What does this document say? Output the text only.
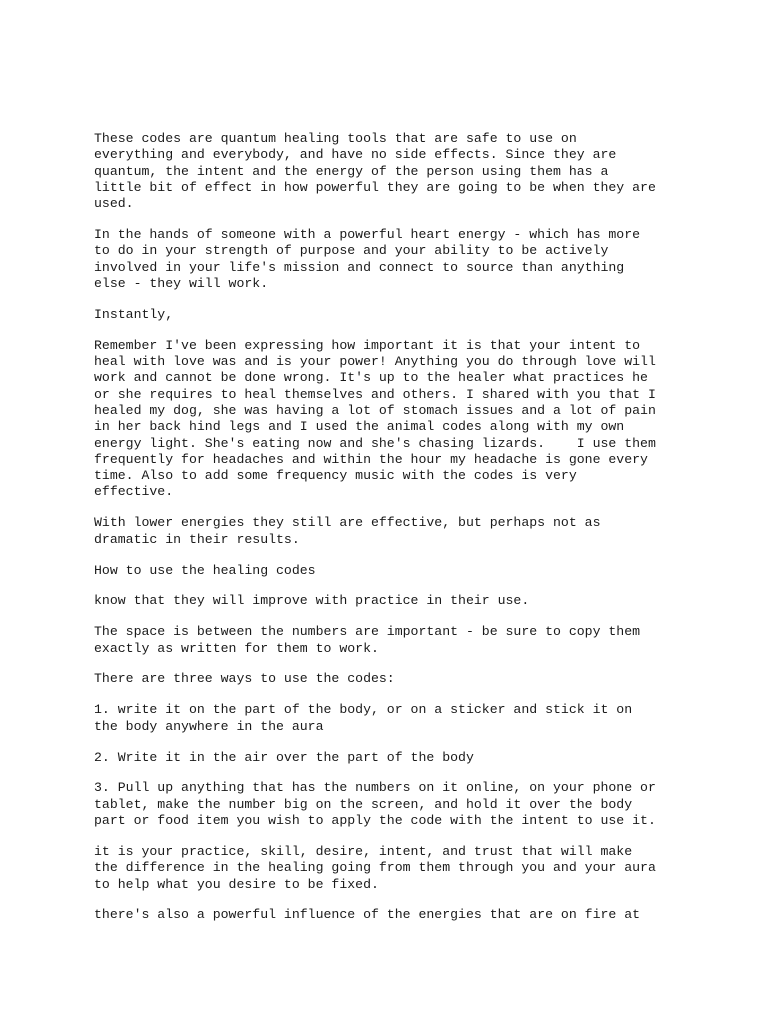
These codes are quantum healing tools that are safe to use on
everything and everybody, and have no side effects. Since they are
quantum, the intent and the energy of the person using them has a
little bit of effect in how powerful they are going to be when they are
used.

In the hands of someone with a powerful heart energy - which has more
to do in your strength of purpose and your ability to be actively
involved in your life's mission and connect to source than anything
else - they will work.

Instantly,

Remember I've been expressing how important it is that your intent to
heal with love was and is your power! Anything you do through love will
work and cannot be done wrong. It's up to the healer what practices he
or she requires to heal themselves and others. I shared with you that I
healed my dog, she was having a lot of stomach issues and a lot of pain
in her back hind legs and I used the animal codes along with my own
energy light. She's eating now and she's chasing lizards.    I use them
frequently for headaches and within the hour my headache is gone every
time. Also to add some frequency music with the codes is very
effective.

With lower energies they still are effective, but perhaps not as
dramatic in their results.

How to use the healing codes

know that they will improve with practice in their use.

The space is between the numbers are important - be sure to copy them
exactly as written for them to work.

There are three ways to use the codes:

1. write it on the part of the body, or on a sticker and stick it on
the body anywhere in the aura

2. Write it in the air over the part of the body

3. Pull up anything that has the numbers on it online, on your phone or
tablet, make the number big on the screen, and hold it over the body
part or food item you wish to apply the code with the intent to use it.

it is your practice, skill, desire, intent, and trust that will make
the difference in the healing going from them through you and your aura
to help what you desire to be fixed.

there's also a powerful influence of the energies that are on fire at
